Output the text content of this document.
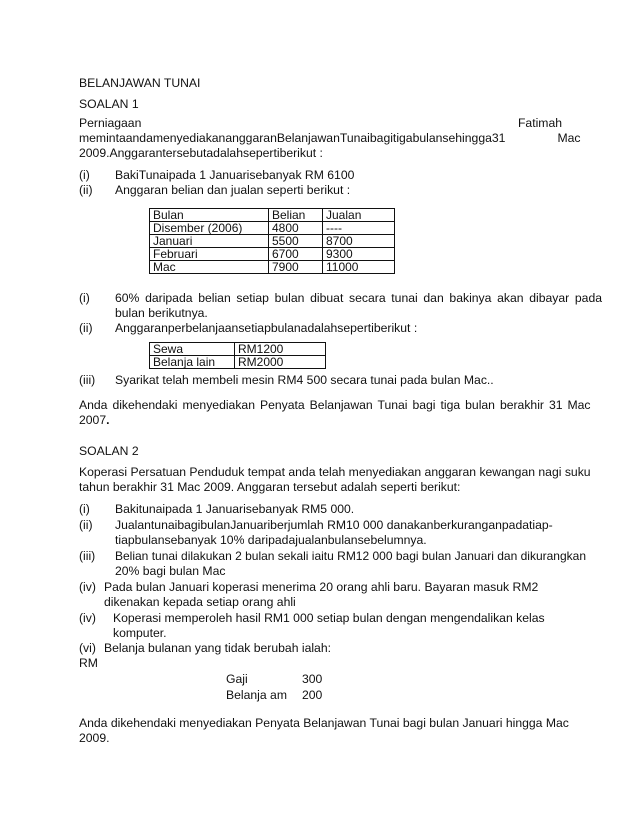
BELANJAWAN TUNAI
SOALAN 1
Perniagaan	Fatimah
memintaandamenyediakananggaranBelanjawanTunaibagitigabulansehingga 31	Mac
2009.Anggarantersebutadalahsepertiberikut :
(i) BakiTunaipada 1 Januarisebanyak RM 6100
(ii) Anggaran belian dan jualan seperti berikut :
Bulan	Belian	Jualan
Disember (2006)	4800	----
Januari	5500	8700
Februari	6700	9300
Mac	7900	11000
(i) 60% daripada belian setiap bulan dibuat secara tunai dan bakinya akan dibayar pada
bulan berikutnya.
(ii) Anggaranperbelanjaansetiapbulanadalahsepertiberikut :
Sewa	RM1200
Belanja lain	RM2000
(iii) Syarikat telah membeli mesin RM4 500 secara tunai pada bulan Mac..
Anda dikehendaki menyediakan Penyata Belanjawan Tunai bagi tiga bulan berakhir 31 Mac
2007.
SOALAN 2
Koperasi Persatuan Penduduk tempat anda telah menyediakan anggaran kewangan nagi suku
tahun berakhir 31 Mac 2009. Anggaran tersebut adalah seperti berikut:
(i) Bakitunaipada 1 Januarisebanyak RM5 000.
(ii) JualantunaibagibulanJanuariberjumlah RM10 000 danakanberkuranganpadatiap-
tiapbulansebanyak 10% daripadajualanbulansebelumnya.
(iii) Belian tunai dilakukan 2 bulan sekali iaitu RM12 000 bagi bulan Januari dan dikurangkan
20% bagi bulan Mac
(iv) Pada bulan Januari koperasi menerima 20 orang ahli baru. Bayaran masuk RM2
dikenakan kepada setiap orang ahli
(iv) Koperasi memperoleh hasil RM1 000 setiap bulan dengan mengendalikan kelas
komputer.
(vi) Belanja bulanan yang tidak berubah ialah:
RM
Gaji	300
Belanja am 200
Anda dikehendaki menyediakan Penyata Belanjawan Tunai bagi bulan Januari hingga Mac
2009.
